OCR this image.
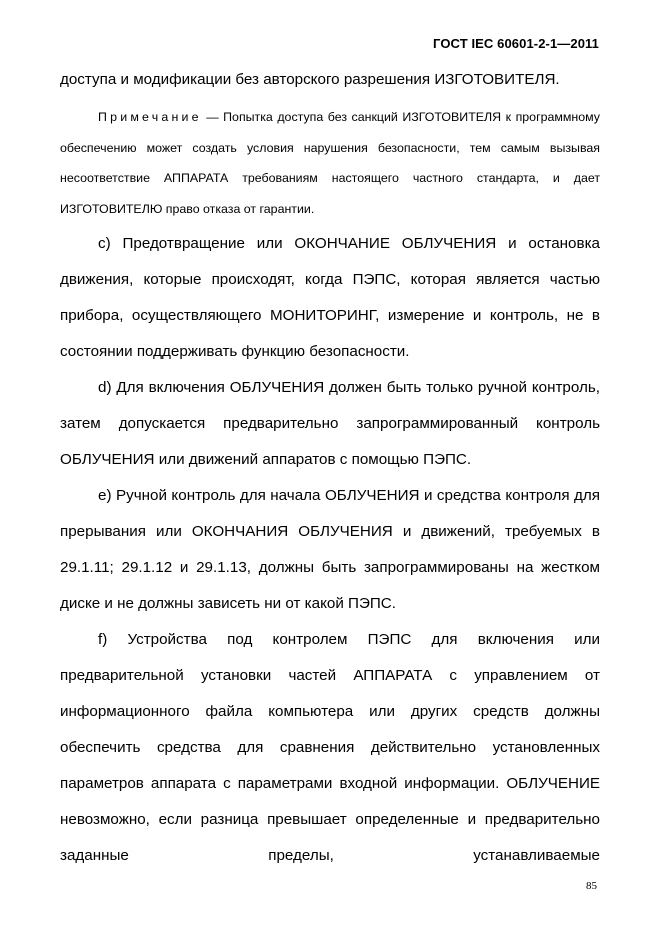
ГОСТ IEC 60601-2-1—2011

доступа и модификации без авторского разрешения ИЗГОТОВИТЕЛЯ.

Примечание — Попытка доступа без санкций ИЗГОТОВИТЕЛЯ к программному обеспечению может создать условия нарушения безопасности, тем самым вызывая несоответствие АППАРАТА требованиям настоящего частного стандарта, и дает ИЗГОТОВИТЕЛЮ право отказа от гарантии.

c) Предотвращение или ОКОНЧАНИЕ ОБЛУЧЕНИЯ и остановка движения, которые происходят, когда ПЭПС, которая является частью прибора, осуществляющего МОНИТОРИНГ, измерение и контроль, не в состоянии поддерживать функцию безопасности.

d) Для включения ОБЛУЧЕНИЯ должен быть только ручной контроль, затем допускается предварительно запрограммированный контроль ОБЛУЧЕНИЯ или движений аппаратов с помощью ПЭПС.

e) Ручной контроль для начала ОБЛУЧЕНИЯ и средства контроля для прерывания или ОКОНЧАНИЯ ОБЛУЧЕНИЯ и движений, требуемых в 29.1.11; 29.1.12 и 29.1.13, должны быть запрограммированы на жестком диске и не должны зависеть ни от какой ПЭПС.

f) Устройства под контролем ПЭПС для включения или предварительной установки частей АППАРАТА с управлением от информационного файла компьютера или других средств должны обеспечить средства для сравнения действительно установленных параметров аппарата с параметрами входной информации. ОБЛУЧЕНИЕ невозможно, если разница превышает определенные и предварительно заданные пределы, устанавливаемые

85
